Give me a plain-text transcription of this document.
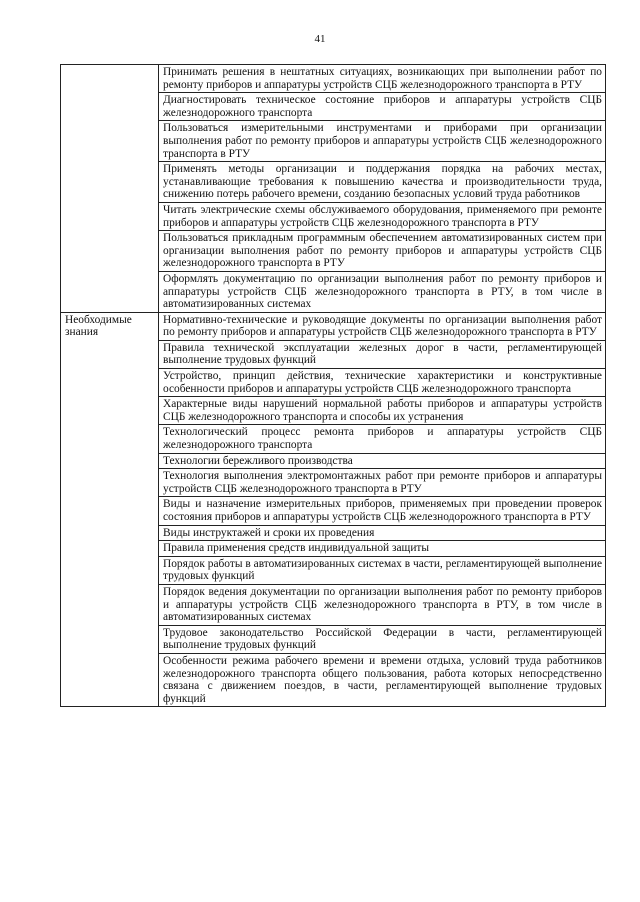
41
	Принимать решения в нештатных ситуациях, возникающих при выполнении работ по ремонту приборов и аппаратуры устройств СЦБ железнодорожного транспорта в РТУ
	Диагностировать техническое состояние приборов и аппаратуры устройств СЦБ железнодорожного транспорта
	Пользоваться измерительными инструментами и приборами при организации выполнения работ по ремонту приборов и аппаратуры устройств СЦБ железнодорожного транспорта в РТУ
	Применять методы организации и поддержания порядка на рабочих местах, устанавливающие требования к повышению качества и производительности труда, снижению потерь рабочего времени, созданию безопасных условий труда работников
	Читать электрические схемы обслуживаемого оборудования, применяемого при ремонте приборов и аппаратуры устройств СЦБ железнодорожного транспорта в РТУ
	Пользоваться прикладным программным обеспечением автоматизированных систем при организации выполнения работ по ремонту приборов и аппаратуры устройств СЦБ железнодорожного транспорта в РТУ
	Оформлять документацию по организации выполнения работ по ремонту приборов и аппаратуры устройств СЦБ железнодорожного транспорта в РТУ, в том числе в автоматизированных системах
Необходимые знания	Нормативно-технические и руководящие документы по организации выполнения работ по ремонту приборов и аппаратуры устройств СЦБ железнодорожного транспорта в РТУ
	Правила технической эксплуатации железных дорог в части, регламентирующей выполнение трудовых функций
	Устройство, принцип действия, технические характеристики и конструктивные особенности приборов и аппаратуры устройств СЦБ железнодорожного транспорта
	Характерные виды нарушений нормальной работы приборов и аппаратуры устройств СЦБ железнодорожного транспорта и способы их устранения
	Технологический процесс ремонта приборов и аппаратуры устройств СЦБ железнодорожного транспорта
	Технологии бережливого производства
	Технология выполнения электромонтажных работ при ремонте приборов и аппаратуры устройств СЦБ железнодорожного транспорта в РТУ
	Виды и назначение измерительных приборов, применяемых при проведении проверок состояния приборов и аппаратуры устройств СЦБ железнодорожного транспорта в РТУ
	Виды инструктажей и сроки их проведения
	Правила применения средств индивидуальной защиты
	Порядок работы в автоматизированных системах в части, регламентирующей выполнение трудовых функций
	Порядок ведения документации по организации выполнения работ по ремонту приборов и аппаратуры устройств СЦБ железнодорожного транспорта в РТУ, в том числе в автоматизированных системах
	Трудовое законодательство Российской Федерации в части, регламентирующей выполнение трудовых функций
	Особенности режима рабочего времени и времени отдыха, условий труда работников железнодорожного транспорта общего пользования, работа которых непосредственно связана с движением поездов, в части, регламентирующей выполнение трудовых функций
